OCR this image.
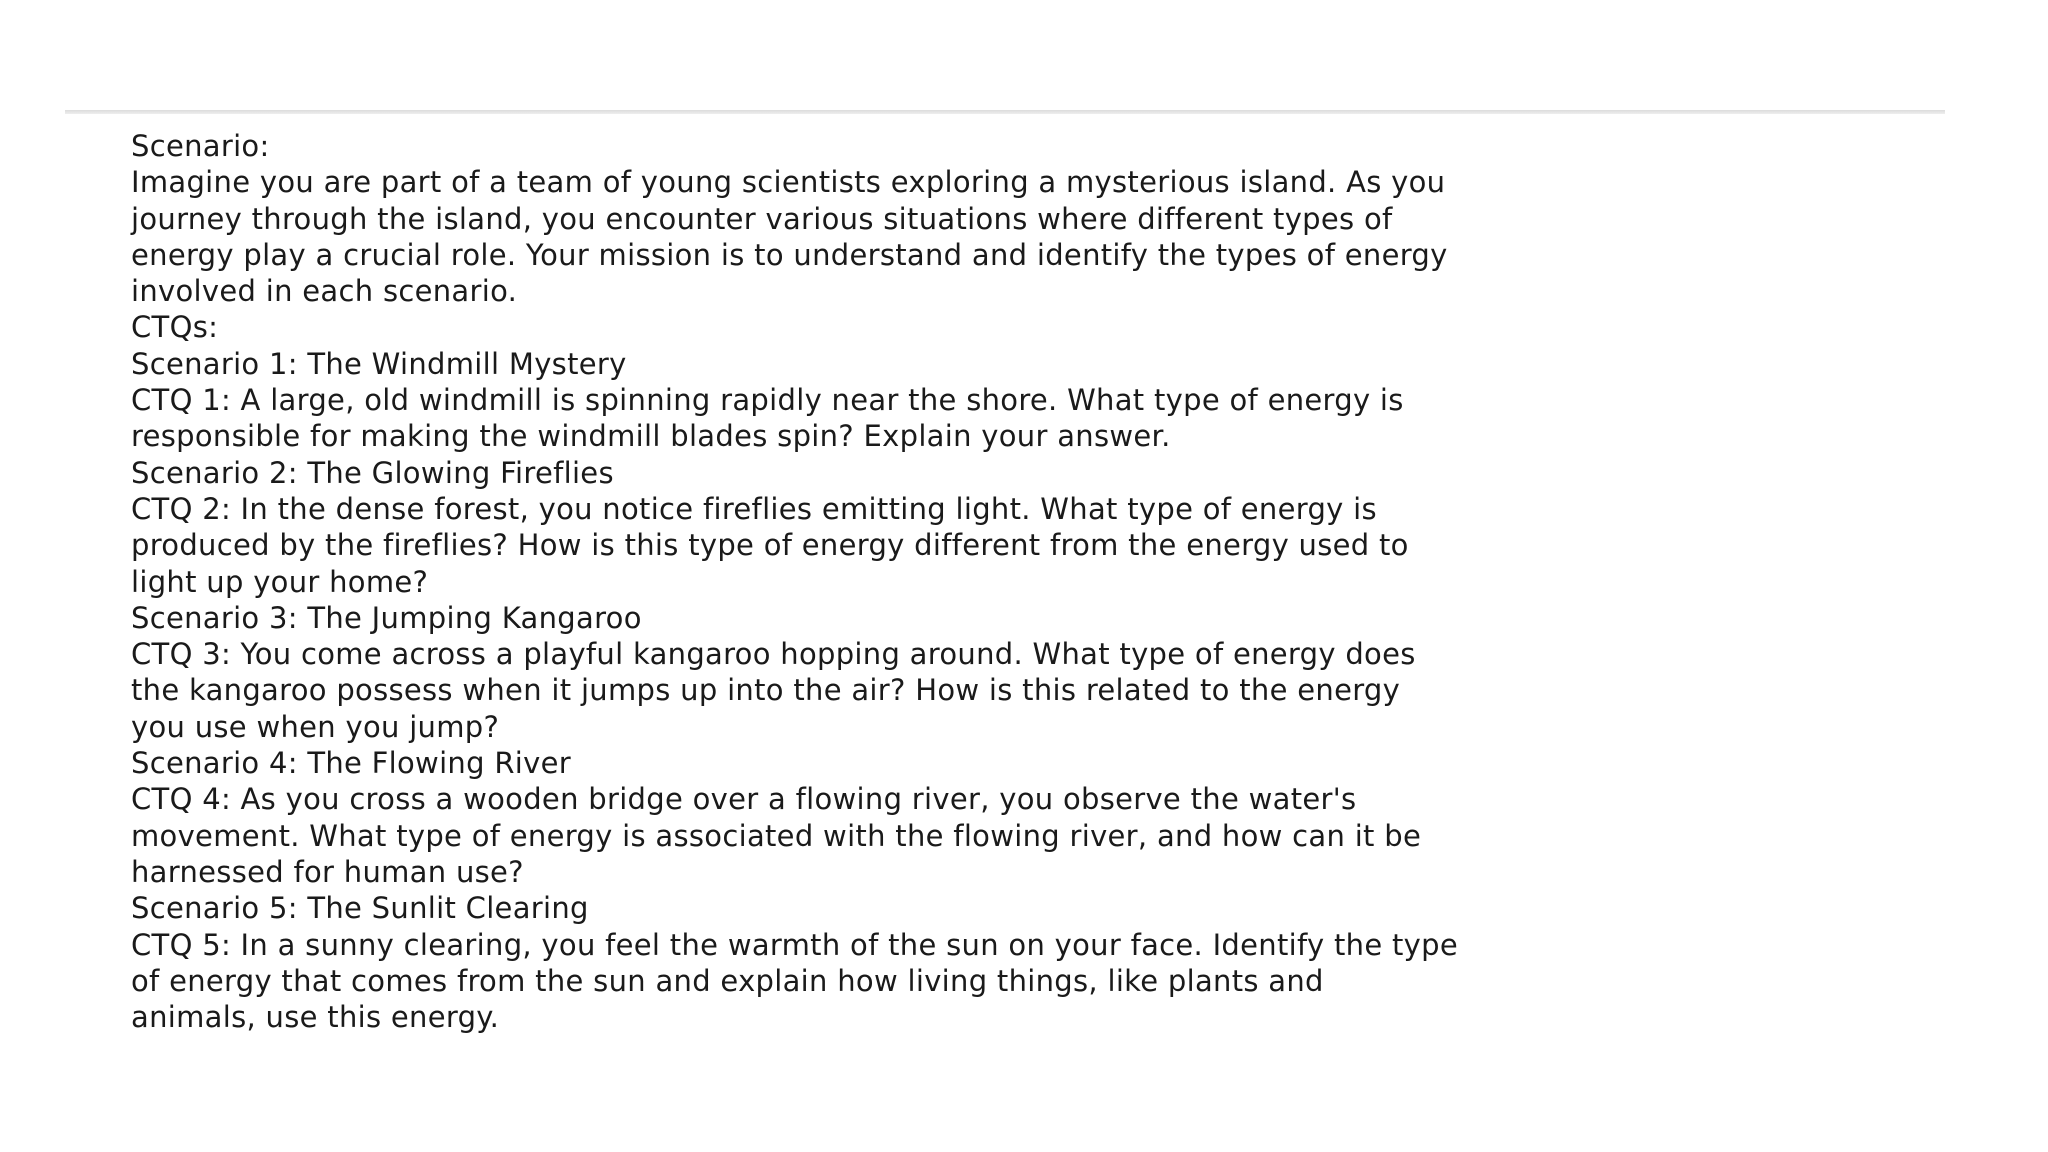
Scenario:
Imagine you are part of a team of young scientists exploring a mysterious island. As you
journey through the island, you encounter various situations where different types of
energy play a crucial role. Your mission is to understand and identify the types of energy
involved in each scenario.
CTQs:
Scenario 1: The Windmill Mystery
CTQ 1: A large, old windmill is spinning rapidly near the shore. What type of energy is
responsible for making the windmill blades spin? Explain your answer.
Scenario 2: The Glowing Fireflies
CTQ 2: In the dense forest, you notice fireflies emitting light. What type of energy is
produced by the fireflies? How is this type of energy different from the energy used to
light up your home?
Scenario 3: The Jumping Kangaroo
CTQ 3: You come across a playful kangaroo hopping around. What type of energy does
the kangaroo possess when it jumps up into the air? How is this related to the energy
you use when you jump?
Scenario 4: The Flowing River
CTQ 4: As you cross a wooden bridge over a flowing river, you observe the water's
movement. What type of energy is associated with the flowing river, and how can it be
harnessed for human use?
Scenario 5: The Sunlit Clearing
CTQ 5: In a sunny clearing, you feel the warmth of the sun on your face. Identify the type
of energy that comes from the sun and explain how living things, like plants and
animals, use this energy.
